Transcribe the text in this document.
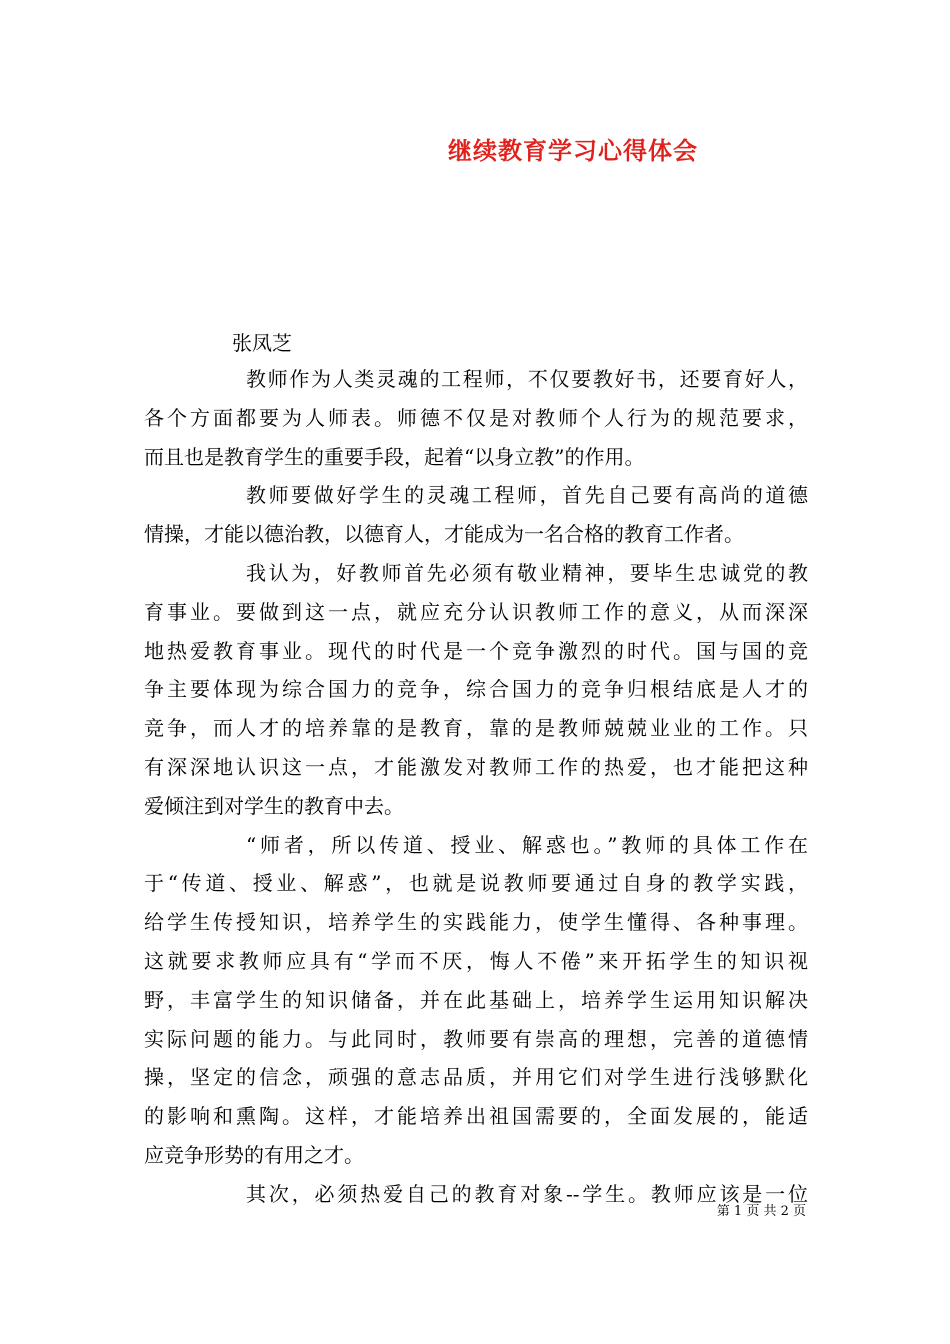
继续教育学习心得体会
张凤芝
教师作为人类灵魂的工程师，不仅要教好书，还要育好人，
各个方面都要为人师表。师德不仅是对教师个人行为的规范要求，
而且也是教育学生的重要手段，起着“以身立教”的作用。
教师要做好学生的灵魂工程师，首先自己要有高尚的道德
情操，才能以德治教，以德育人，才能成为一名合格的教育工作者。
我认为，好教师首先必须有敬业精神，要毕生忠诚党的教
育事业。要做到这一点，就应充分认识教师工作的意义，从而深深
地热爱教育事业。现代的时代是一个竞争激烈的时代。国与国的竞
争主要体现为综合国力的竞争，综合国力的竞争归根结底是人才的
竞争，而人才的培养靠的是教育，靠的是教师兢兢业业的工作。只
有深深地认识这一点，才能激发对教师工作的热爱，也才能把这种
爱倾注到对学生的教育中去。
“师者，所以传道、授业、解惑也。”教师的具体工作在
于“传道、授业、解惑”，也就是说教师要通过自身的教学实践，
给学生传授知识，培养学生的实践能力，使学生懂得、各种事理。
这就要求教师应具有“学而不厌，悔人不倦”来开拓学生的知识视
野，丰富学生的知识储备，并在此基础上，培养学生运用知识解决
实际问题的能力。与此同时，教师要有崇高的理想，完善的道德情
操，坚定的信念，顽强的意志品质，并用它们对学生进行浅够默化
的影响和熏陶。这样，才能培养出祖国需要的，全面发展的，能适
应竞争形势的有用之才。
其次，必须热爱自己的教育对象--学生。教师应该是一位
第 1 页 共 2 页
